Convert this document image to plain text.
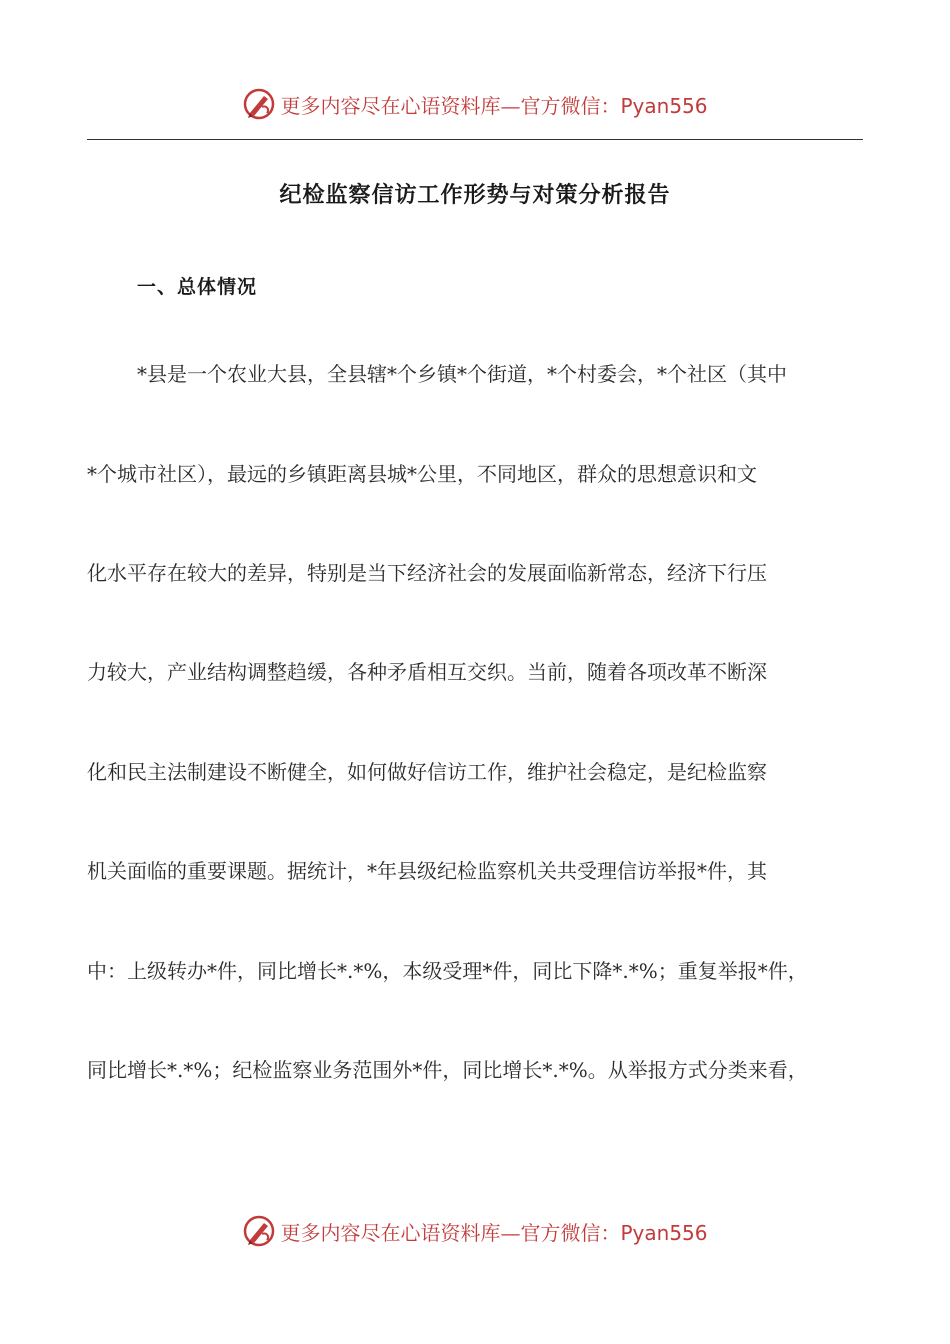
更多内容尽在心语资料库—官方微信：Pyan556
纪检监察信访工作形势与对策分析报告
一、总体情况
*县是一个农业大县，全县辖*个乡镇*个街道，*个村委会，*个社区（其中
*个城市社区），最远的乡镇距离县城*公里，不同地区，群众的思想意识和文
化水平存在较大的差异，特别是当下经济社会的发展面临新常态，经济下行压
力较大，产业结构调整趋缓，各种矛盾相互交织。当前，随着各项改革不断深
化和民主法制建设不断健全，如何做好信访工作，维护社会稳定，是纪检监察
机关面临的重要课题。据统计，*年县级纪检监察机关共受理信访举报*件，其
中：上级转办*件，同比增长*.*%，本级受理*件，同比下降*.*%；重复举报*件，
同比增长*.*%；纪检监察业务范围外*件，同比增长*.*%。从举报方式分类来看，
更多内容尽在心语资料库—官方微信：Pyan556
